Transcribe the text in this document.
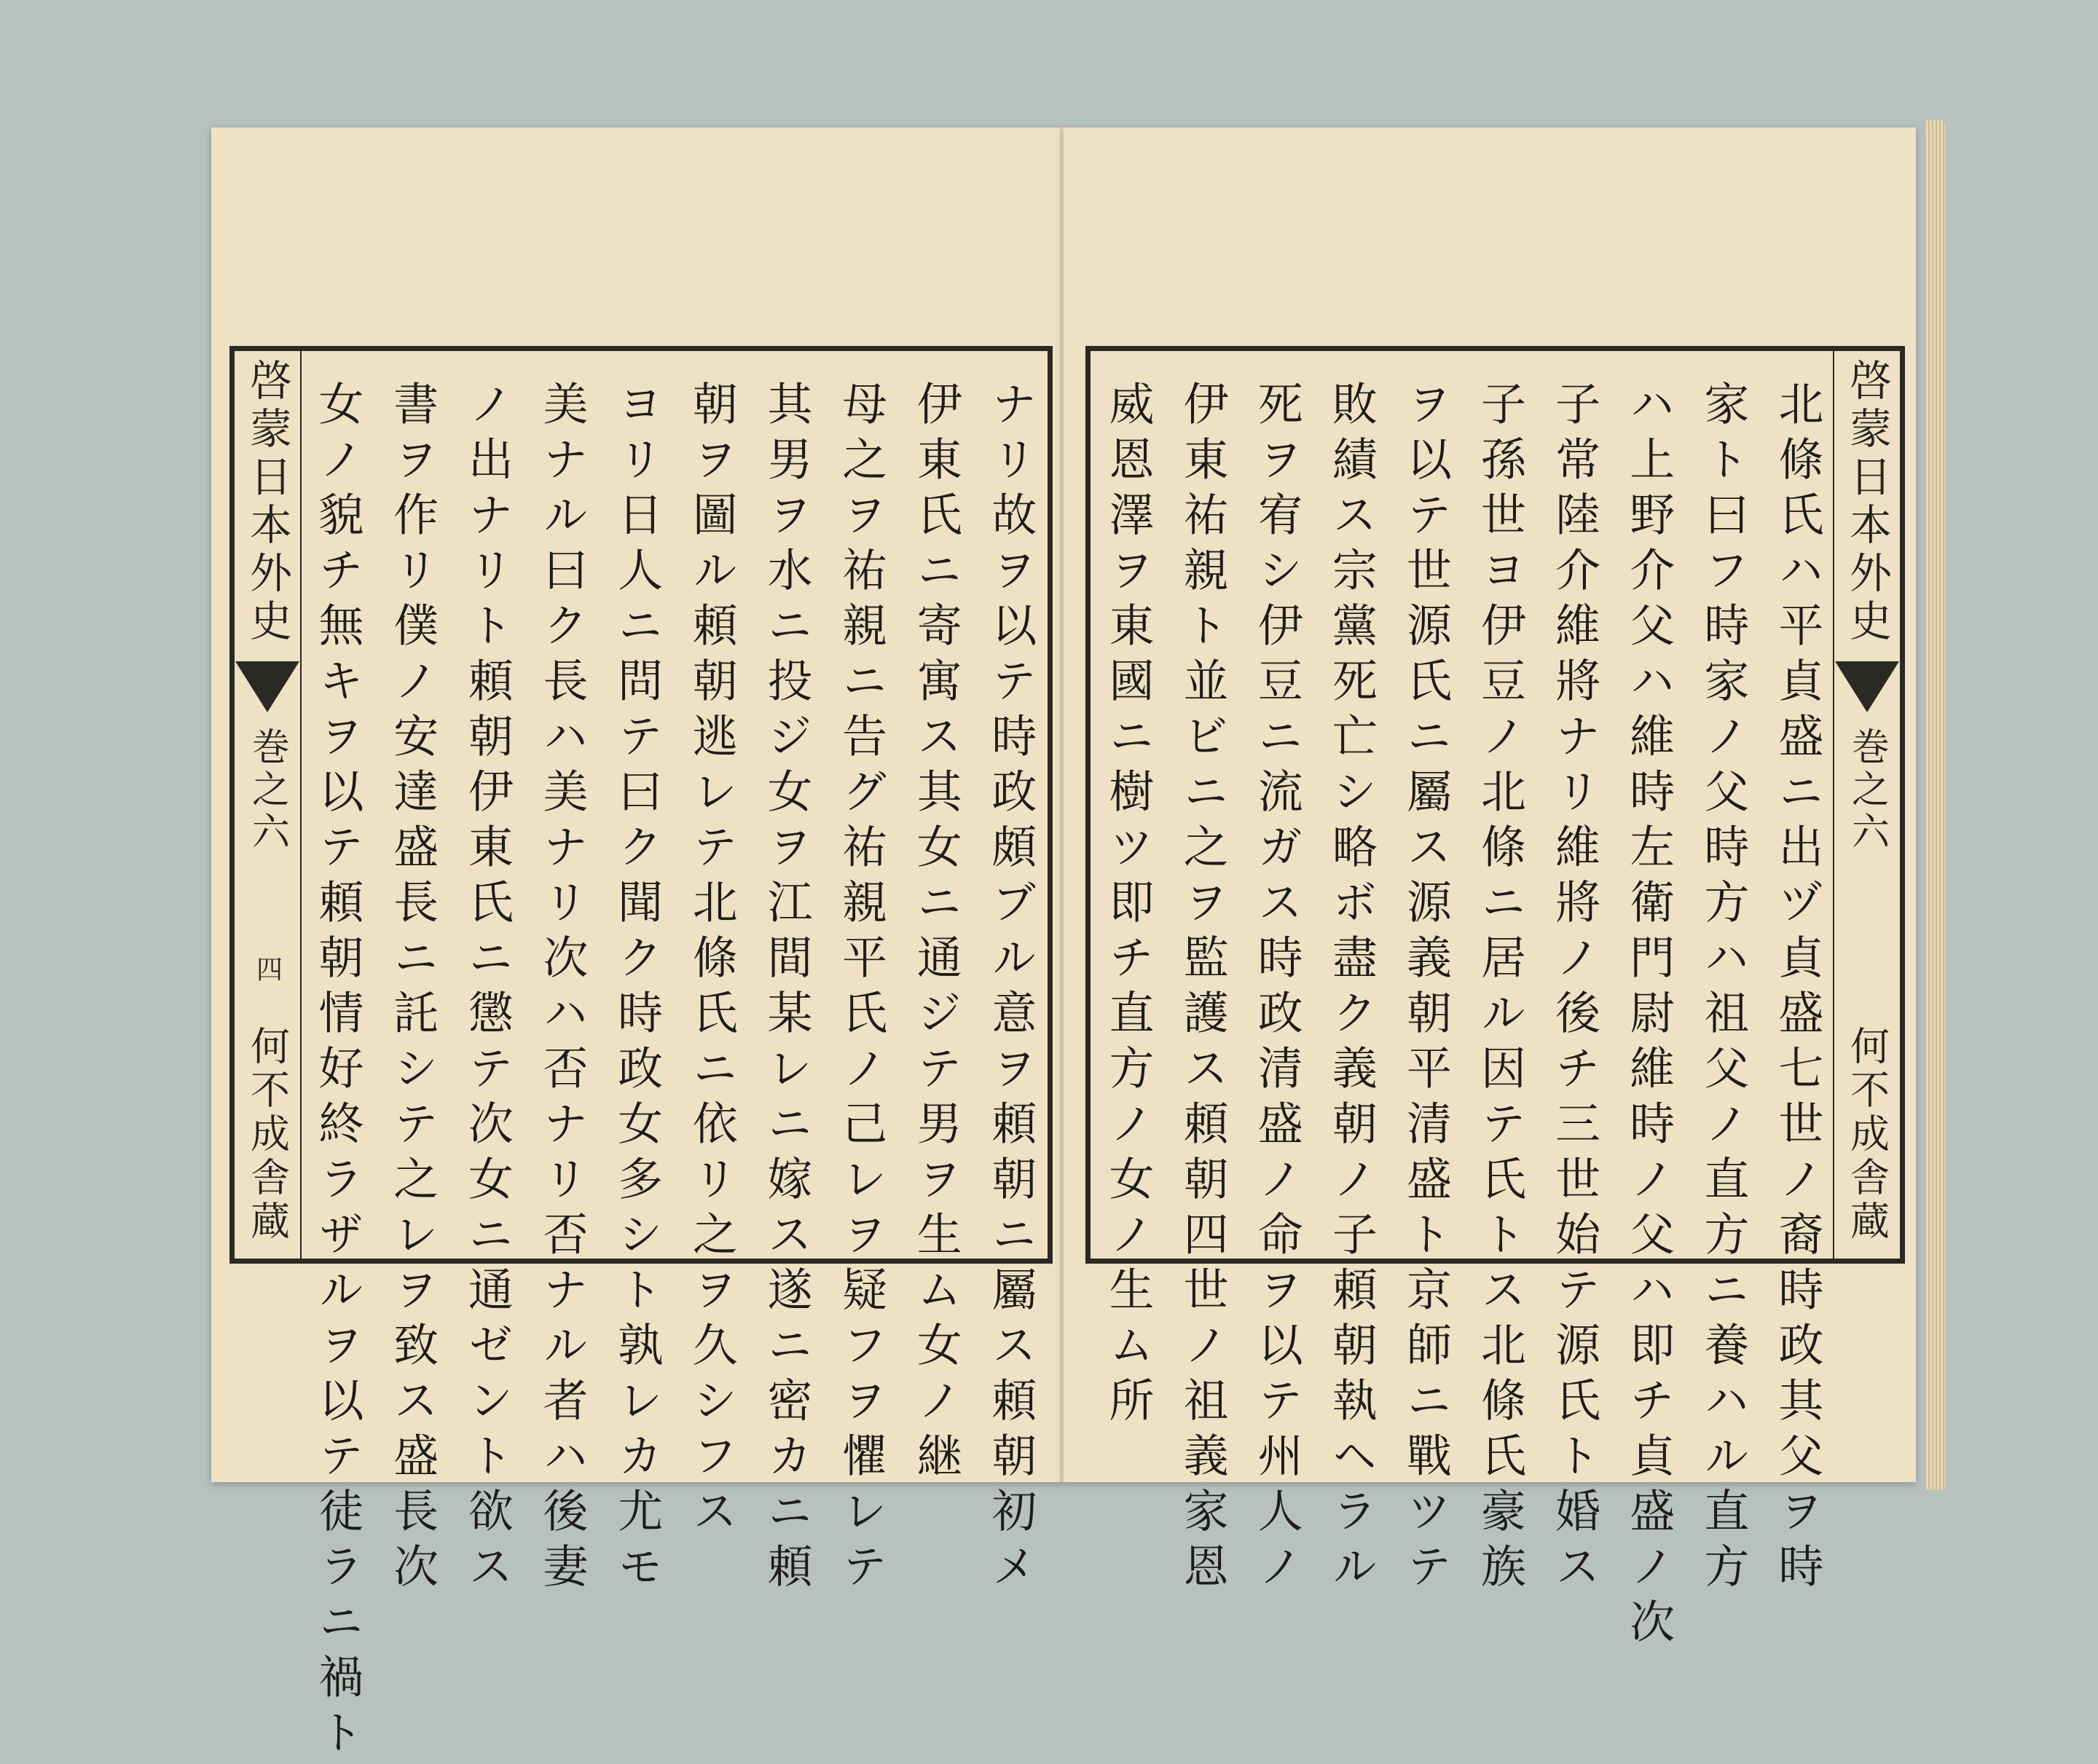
啓蒙日本外史
巻之六
四
何不成舎蔵	ナリ故ヲ以テ時政頗ブル意ヲ頼朝ニ屬ス頼朝初メ
伊東氏ニ寄寓ス其女ニ通ジテ男ヲ生ム女ノ継
母之ヲ祐親ニ告グ祐親平氏ノ己レヲ疑フヲ懼レテ
其男ヲ水ニ投ジ女ヲ江間某レニ嫁ス遂ニ密カニ頼
朝ヲ圖ル頼朝逃レテ北條氏ニ依リ之ヲ久シフス
ヨリ日人ニ問テ曰ク聞ク時政女多シト孰レカ尤モ
美ナル曰ク長ハ美ナリ次ハ否ナリ否ナル者ハ後妻
ノ出ナリト頼朝伊東氏ニ懲テ次女ニ通ゼント欲ス
書ヲ作リ僕ノ安達盛長ニ託シテ之レヲ致ス盛長次
女ノ貌チ無キヲ以テ頼朝情好終ラザルヲ以テ徒ラニ禍ト	北條氏ハ平貞盛ニ出ヅ貞盛七世ノ裔時政其父ヲ時
家ト曰フ時家ノ父時方ハ祖父ノ直方ニ養ハル直方
ハ上野介父ハ維時左衛門尉維時ノ父ハ即チ貞盛ノ次
子常陸介維將ナリ維將ノ後チ三世始テ源氏ト婚ス
子孫世ヨ伊豆ノ北條ニ居ル因テ氏トス北條氏豪族
ヲ以テ世源氏ニ屬ス源義朝平清盛ト京師ニ戰ツテ
敗績ス宗黨死亡シ略ボ盡ク義朝ノ子頼朝執ヘラル
死ヲ宥シ伊豆ニ流ガス時政清盛ノ命ヲ以テ州人ノ
伊東祐親ト並ビニ之ヲ監護ス頼朝四世ノ祖義家恩
威恩澤ヲ東國ニ樹ツ即チ直方ノ女ノ生ム所	啓蒙日本外史
巻之六
何不成舎蔵
